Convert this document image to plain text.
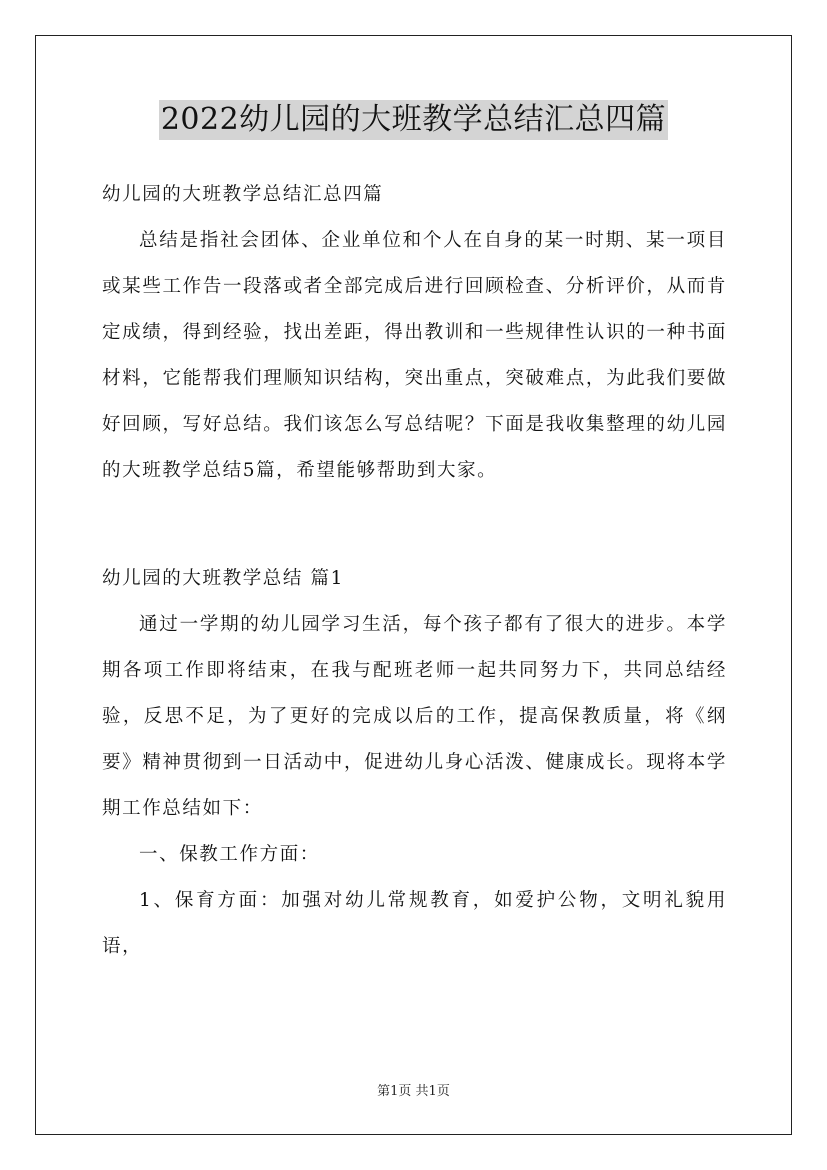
2022幼儿园的大班教学总结汇总四篇

幼儿园的大班教学总结汇总四篇

总结是指社会团体、企业单位和个人在自身的某一时期、某一项目或某些工作告一段落或者全部完成后进行回顾检查、分析评价，从而肯定成绩，得到经验，找出差距，得出教训和一些规律性认识的一种书面材料，它能帮我们理顺知识结构，突出重点，突破难点，为此我们要做好回顾，写好总结。我们该怎么写总结呢？下面是我收集整理的幼儿园的大班教学总结5篇，希望能够帮助到大家。

幼儿园的大班教学总结 篇1

通过一学期的幼儿园学习生活，每个孩子都有了很大的进步。本学期各项工作即将结束，在我与配班老师一起共同努力下，共同总结经验，反思不足，为了更好的完成以后的工作，提高保教质量，将《纲要》精神贯彻到一日活动中，促进幼儿身心活泼、健康成长。现将本学期工作总结如下：

一、保教工作方面：

1、保育方面：加强对幼儿常规教育，如爱护公物，文明礼貌用语，

第1页 共1页
